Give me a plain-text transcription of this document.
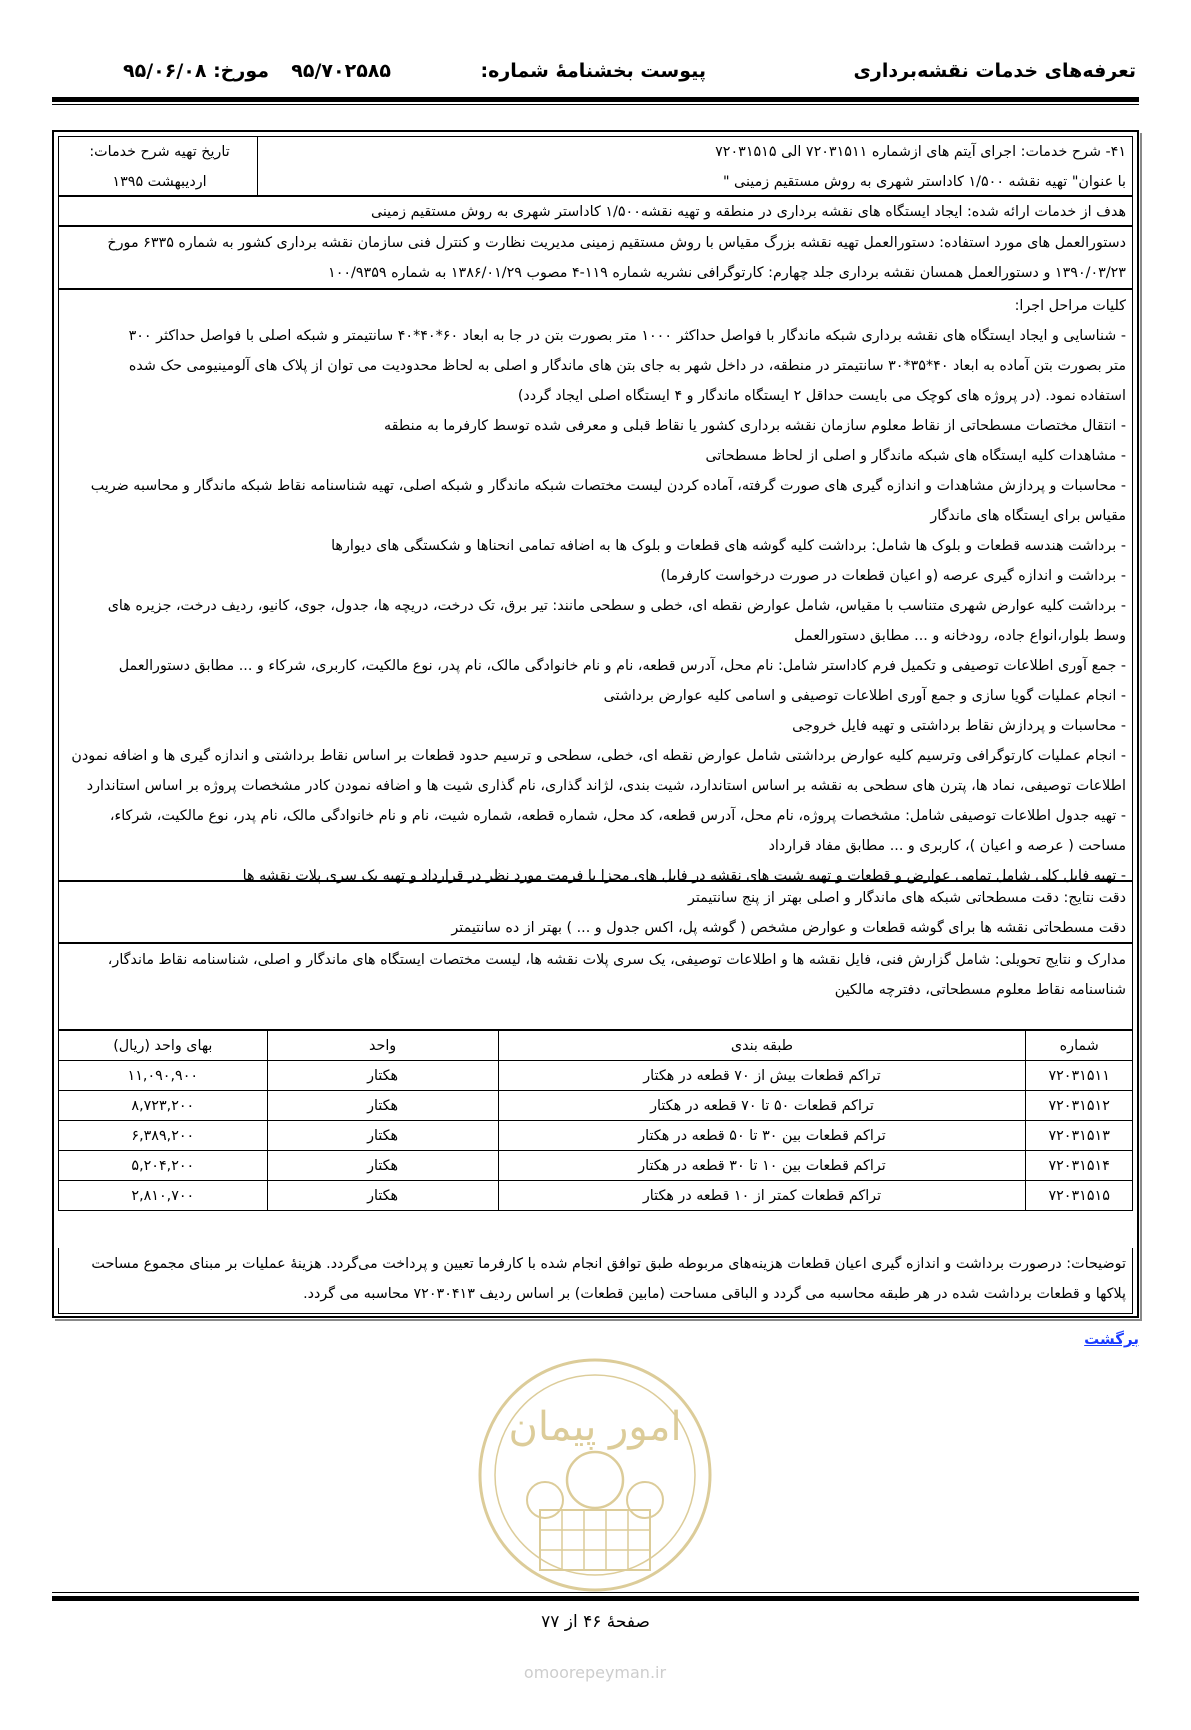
تعرفه‌های خدمات نقشه‌برداری
پیوست بخشنامهٔ شماره:
۹۵/۷۰۲۵۸۵
مورخ: ۹۵/۰۶/۰۸
۴۱- شرح خدمات: اجرای آیتم های ازشماره ۷۲۰۳۱۵۱۱ الی ۷۲۰۳۱۵۱۵
با عنوان" تهیه نقشه ۱/۵۰۰ کاداستر شهری به روش مستقیم زمینی "
تاریخ تهیه شرح خدمات:
اردیبهشت ۱۳۹۵
هدف از خدمات ارائه شده: ایجاد ایستگاه های نقشه برداری در منطقه و تهیه نقشه۱/۵۰۰ کاداستر شهری به روش مستقیم زمینی
دستورالعمل های مورد استفاده: دستورالعمل تهیه نقشه بزرگ مقیاس با روش مستقیم زمینی مدیریت نظارت و کنترل فنی سازمان نقشه برداری کشور به شماره ۶۳۳۵ مورخ
۱۳۹۰/۰۳/۲۳ و دستورالعمل همسان نقشه برداری جلد چهارم: کارتوگرافی نشریه شماره ۱۱۹-۴ مصوب ۱۳۸۶/۰۱/۲۹ به شماره ۱۰۰/۹۳۵۹
کلیات مراحل اجرا:
- شناسایی و ایجاد ایستگاه های نقشه برداری شبکه ماندگار با فواصل حداکثر ۱۰۰۰ متر بصورت بتن در جا به ابعاد ۶۰*۴۰*۴۰ سانتیمتر و شبکه اصلی با فواصل حداکثر ۳۰۰
متر بصورت بتن آماده به ابعاد ۴۰*۳۵*۳۰ سانتیمتر در منطقه، در داخل شهر به جای بتن های ماندگار و اصلی به لحاظ محدودیت می توان از پلاک های آلومینیومی حک شده
استفاده نمود. (در پروژه های کوچک می بایست حداقل ۲ ایستگاه ماندگار و ۴ ایستگاه اصلی ایجاد گردد)
- انتقال مختصات مسطحاتی از نقاط معلوم سازمان نقشه برداری کشور یا نقاط قبلی و معرفی شده توسط کارفرما به منطقه
- مشاهدات کلیه ایستگاه های شبکه ماندگار و اصلی از لحاظ مسطحاتی
- محاسبات و پردازش مشاهدات و اندازه گیری های صورت گرفته، آماده کردن لیست مختصات شبکه ماندگار و شبکه اصلی، تهیه شناسنامه نقاط شبکه ماندگار و محاسبه ضریب
مقیاس برای ایستگاه های ماندگار
- برداشت هندسه قطعات و بلوک ها شامل: برداشت کلیه گوشه های قطعات و بلوک ها به اضافه تمامی انحناها و شکستگی های دیوارها
- برداشت و اندازه گیری عرصه (و اعیان قطعات در صورت درخواست کارفرما)
- برداشت کلیه عوارض شهری متناسب با مقیاس، شامل عوارض نقطه ای، خطی و سطحی مانند: تیر برق، تک درخت، دریچه ها، جدول، جوی، کانیو، ردیف درخت، جزیره های
وسط بلوار،انواع جاده، رودخانه و ... مطابق دستورالعمل
- جمع آوری اطلاعات توصیفی و تکمیل فرم کاداستر شامل: نام محل، آدرس قطعه، نام و نام خانوادگی مالک، نام پدر، نوع مالکیت، کاربری، شرکاء و ... مطابق دستورالعمل
- انجام عملیات گویا سازی و جمع آوری اطلاعات توصیفی و اسامی کلیه عوارض برداشتی
- محاسبات و پردازش نقاط برداشتی و تهیه فایل خروجی
- انجام عملیات کارتوگرافی وترسیم کلیه عوارض برداشتی شامل عوارض نقطه ای، خطی، سطحی و ترسیم حدود قطعات بر اساس نقاط برداشتی و اندازه گیری ها و اضافه نمودن
اطلاعات توصیفی، نماد ها، پترن های سطحی به نقشه بر اساس استاندارد، شیت بندی، لژاند گذاری، نام گذاری شیت ها و اضافه نمودن کادر مشخصات پروژه بر اساس استاندارد
- تهیه جدول اطلاعات توصیفی شامل: مشخصات پروژه، نام محل، آدرس قطعه، کد محل، شماره قطعه، شماره شیت، نام و نام خانوادگی مالک، نام پدر، نوع مالکیت، شرکاء،
مساحت ( عرصه و اعیان )، کاربری و ... مطابق مفاد قرارداد
- تهیه فایل کلی شامل تمامی عوارض و قطعات و تهیه شیت های نقشه در فایل های مجزا با فرمت مورد نظر در قرارداد و تهیه یک سری پلات نقشه ها
دقت نتایج: دقت مسطحاتی شبکه های ماندگار و اصلی بهتر از پنج سانتیمتر
دقت مسطحاتی نقشه ها برای گوشه قطعات و عوارض مشخص ( گوشه پل، اکس جدول و ... ) بهتر از ده سانتیمتر
مدارک و نتایج تحویلی: شامل گزارش فنی، فایل نقشه ها و اطلاعات توصیفی، یک سری پلات نقشه ها، لیست مختصات ایستگاه های ماندگار و اصلی، شناسنامه نقاط ماندگار،
شناسنامه نقاط معلوم مسطحاتی، دفترچه مالکین
شماره	طبقه بندی	واحد	بهای واحد (ریال)
۷۲۰۳۱۵۱۱	تراکم قطعات بیش از ۷۰ قطعه در هکتار	هکتار	۱۱,۰۹۰,۹۰۰
۷۲۰۳۱۵۱۲	تراکم قطعات ۵۰ تا ۷۰ قطعه در هکتار	هکتار	۸,۷۲۳,۲۰۰
۷۲۰۳۱۵۱۳	تراکم قطعات بین ۳۰ تا ۵۰ قطعه در هکتار	هکتار	۶,۳۸۹,۲۰۰
۷۲۰۳۱۵۱۴	تراکم قطعات بین ۱۰ تا ۳۰ قطعه در هکتار	هکتار	۵,۲۰۴,۲۰۰
۷۲۰۳۱۵۱۵	تراکم قطعات کمتر از ۱۰ قطعه در هکتار	هکتار	۲,۸۱۰,۷۰۰
توضیحات: درصورت برداشت و اندازه گیری اعیان قطعات هزینه‌های مربوطه طبق توافق انجام شده با کارفرما تعیین و پرداخت می‌گردد. هزینهٔ عملیات بر مبنای مجموع مساحت
پلاکها و قطعات برداشت شده در هر طبقه محاسبه می گردد و الباقی مساحت (مابین قطعات) بر اساس ردیف ۷۲۰۳۰۴۱۳ محاسبه می گردد.
برگشت
امور پیمان
omoorepeyman.ir
صفحهٔ ۴۶ از ۷۷
